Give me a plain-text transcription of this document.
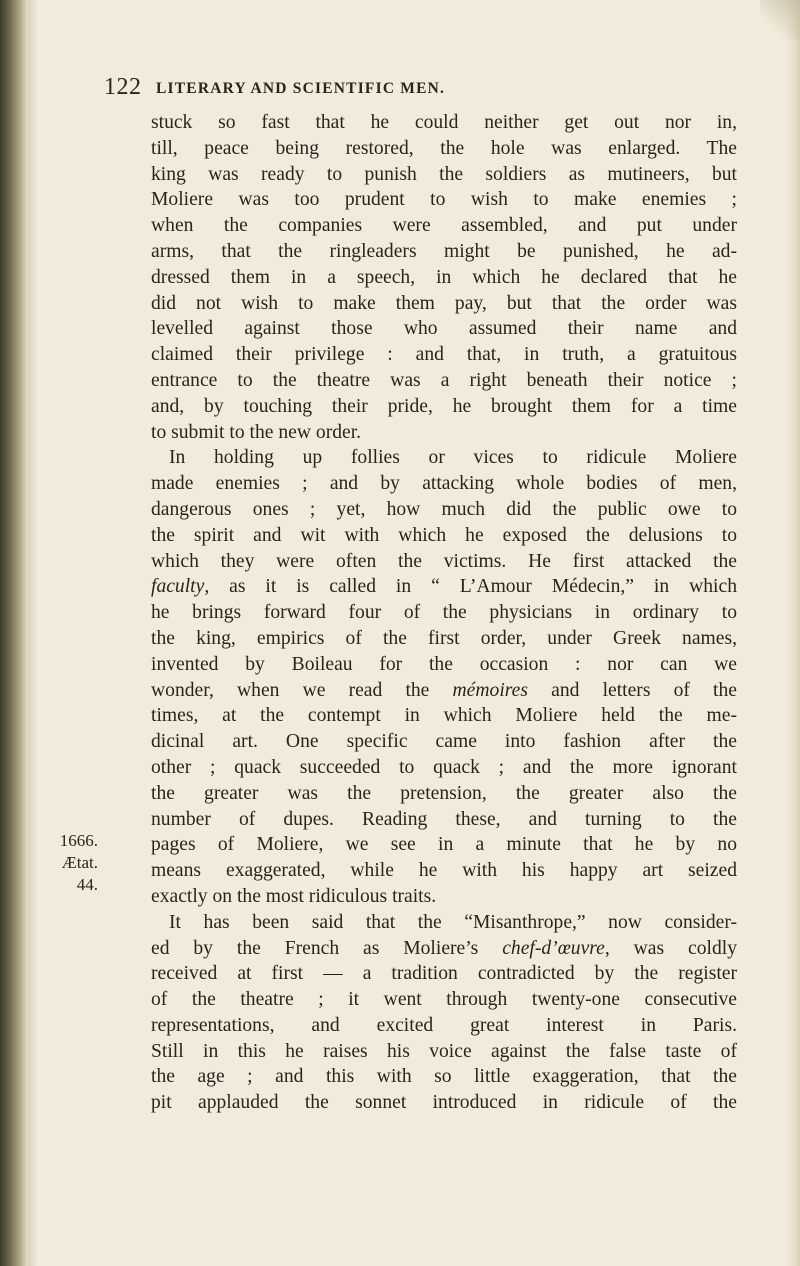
122 LITERARY AND SCIENTIFIC MEN.
1666.
Ætat.
44.
stuck so fast that he could neither get out nor in,
till, peace being restored, the hole was enlarged. The
king was ready to punish the soldiers as mutineers, but
Moliere was too prudent to wish to make enemies ;
when the companies were assembled, and put under
arms, that the ringleaders might be punished, he ad-
dressed them in a speech, in which he declared that he
did not wish to make them pay, but that the order was
levelled against those who assumed their name and
claimed their privilege : and that, in truth, a gratuitous
entrance to the theatre was a right beneath their notice ;
and, by touching their pride, he brought them for a time
to submit to the new order.
In holding up follies or vices to ridicule Moliere
made enemies ; and by attacking whole bodies of men,
dangerous ones ; yet, how much did the public owe to
the spirit and wit with which he exposed the delusions to
which they were often the victims. He first attacked the
faculty, as it is called in “ L’Amour Médecin,” in which
he brings forward four of the physicians in ordinary to
the king, empirics of the first order, under Greek names,
invented by Boileau for the occasion : nor can we
wonder, when we read the mémoires and letters of the
times, at the contempt in which Moliere held the me-
dicinal art. One specific came into fashion after the
other ; quack succeeded to quack ; and the more ignorant
the greater was the pretension, the greater also the
number of dupes. Reading these, and turning to the
pages of Moliere, we see in a minute that he by no
means exaggerated, while he with his happy art seized
exactly on the most ridiculous traits.
It has been said that the “Misanthrope,” now consider-
ed by the French as Moliere’s chef-d’œuvre, was coldly
received at first — a tradition contradicted by the register
of the theatre ; it went through twenty-one consecutive
representations, and excited great interest in Paris.
Still in this he raises his voice against the false taste of
the age ; and this with so little exaggeration, that the
pit applauded the sonnet introduced in ridicule of the
